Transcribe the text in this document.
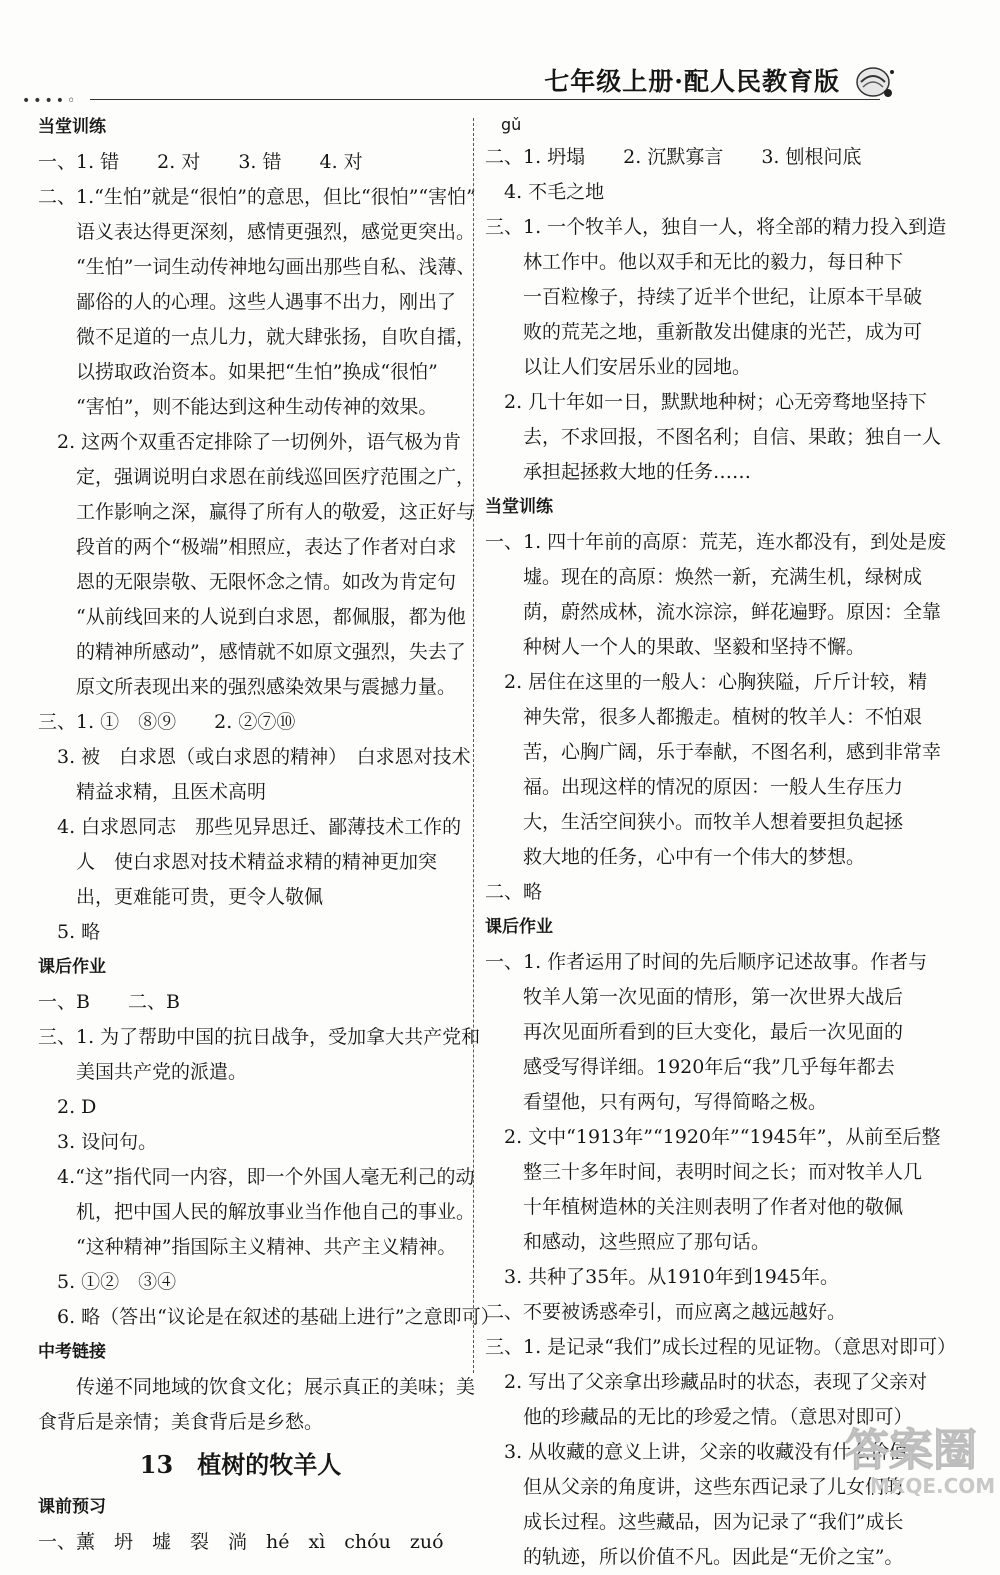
••••◦
七年级上册·配人民教育版
当堂训练
一、1. 错　　2. 对　　3. 错　　4. 对
二、1.“生怕”就是“很怕”的意思，但比“很怕”“害怕”
　　语义表达得更深刻，感情更强烈，感觉更突出。
　　“生怕”一词生动传神地勾画出那些自私、浅薄、
　　鄙俗的人的心理。这些人遇事不出力，刚出了
　　微不足道的一点儿力，就大肆张扬，自吹自擂，
　　以捞取政治资本。如果把“生怕”换成“很怕”
　　“害怕”，则不能达到这种生动传神的效果。
　2. 这两个双重否定排除了一切例外，语气极为肯
　　定，强调说明白求恩在前线巡回医疗范围之广，
　　工作影响之深，赢得了所有人的敬爱，这正好与
　　段首的两个“极端”相照应，表达了作者对白求
　　恩的无限崇敬、无限怀念之情。如改为肯定句
　　“从前线回来的人说到白求恩，都佩服，都为他
　　的精神所感动”，感情就不如原文强烈，失去了
　　原文所表现出来的强烈感染效果与震撼力量。
三、1. ①　⑧⑨　　2. ②⑦⑩
　3. 被　白求恩（或白求恩的精神）　白求恩对技术
　　精益求精，且医术高明
　4. 白求恩同志　那些见异思迁、鄙薄技术工作的
　　人　使白求恩对技术精益求精的精神更加突
　　出，更难能可贵，更令人敬佩
　5. 略
课后作业
一、B　　二、B
三、1. 为了帮助中国的抗日战争，受加拿大共产党和
　　美国共产党的派遣。
　2. D
　3. 设问句。
　4.“这”指代同一内容，即一个外国人毫无利己的动
　　机，把中国人民的解放事业当作他自己的事业。
　　“这种精神”指国际主义精神、共产主义精神。
　5. ①②　③④
　6. 略（答出“议论是在叙述的基础上进行”之意即可）
中考链接
　　传递不同地域的饮食文化；展示真正的美味；美
食背后是亲情；美食背后是乡愁。
13　植树的牧羊人
课前预习
一、薰　坍　墟　裂　淌　hé　xì　chóu　zuó
　gǔ
二、1. 坍塌　　2. 沉默寡言　　3. 刨根问底
　4. 不毛之地
三、1. 一个牧羊人，独自一人，将全部的精力投入到造
　　林工作中。他以双手和无比的毅力，每日种下
　　一百粒橡子，持续了近半个世纪，让原本干旱破
　　败的荒芜之地，重新散发出健康的光芒，成为可
　　以让人们安居乐业的园地。
　2. 几十年如一日，默默地种树；心无旁骛地坚持下
　　去，不求回报，不图名利；自信、果敢；独自一人
　　承担起拯救大地的任务……
当堂训练
一、1. 四十年前的高原：荒芜，连水都没有，到处是废
　　墟。现在的高原：焕然一新，充满生机，绿树成
　　荫，蔚然成林，流水淙淙，鲜花遍野。原因：全靠
　　种树人一个人的果敢、坚毅和坚持不懈。
　2. 居住在这里的一般人：心胸狭隘，斤斤计较，精
　　神失常，很多人都搬走。植树的牧羊人：不怕艰
　　苦，心胸广阔，乐于奉献，不图名利，感到非常幸
　　福。出现这样的情况的原因：一般人生存压力
　　大，生活空间狭小。而牧羊人想着要担负起拯
　　救大地的任务，心中有一个伟大的梦想。
二、略
课后作业
一、1. 作者运用了时间的先后顺序记述故事。作者与
　　牧羊人第一次见面的情形，第一次世界大战后
　　再次见面所看到的巨大变化，最后一次见面的
　　感受写得详细。1920年后“我”几乎每年都去
　　看望他，只有两句，写得简略之极。
　2. 文中“1913年”“1920年”“1945年”，从前至后整
　　整三十多年时间，表明时间之长；而对牧羊人几
　　十年植树造林的关注则表明了作者对他的敬佩
　　和感动，这些照应了那句话。
　3. 共种了35年。从1910年到1945年。
二、不要被诱惑牵引，而应离之越远越好。
三、1. 是记录“我们”成长过程的见证物。（意思对即可）
　2. 写出了父亲拿出珍藏品时的状态，表现了父亲对
　　他的珍藏品的无比的珍爱之情。（意思对即可）
　3. 从收藏的意义上讲，父亲的收藏没有什么价值，
　　但从父亲的角度讲，这些东西记录了儿女们的
　　成长过程。这些藏品，因为记录了“我们”成长
　　的轨迹，所以价值不凡。因此是“无价之宝”。
答案圈
MXQE.COM
